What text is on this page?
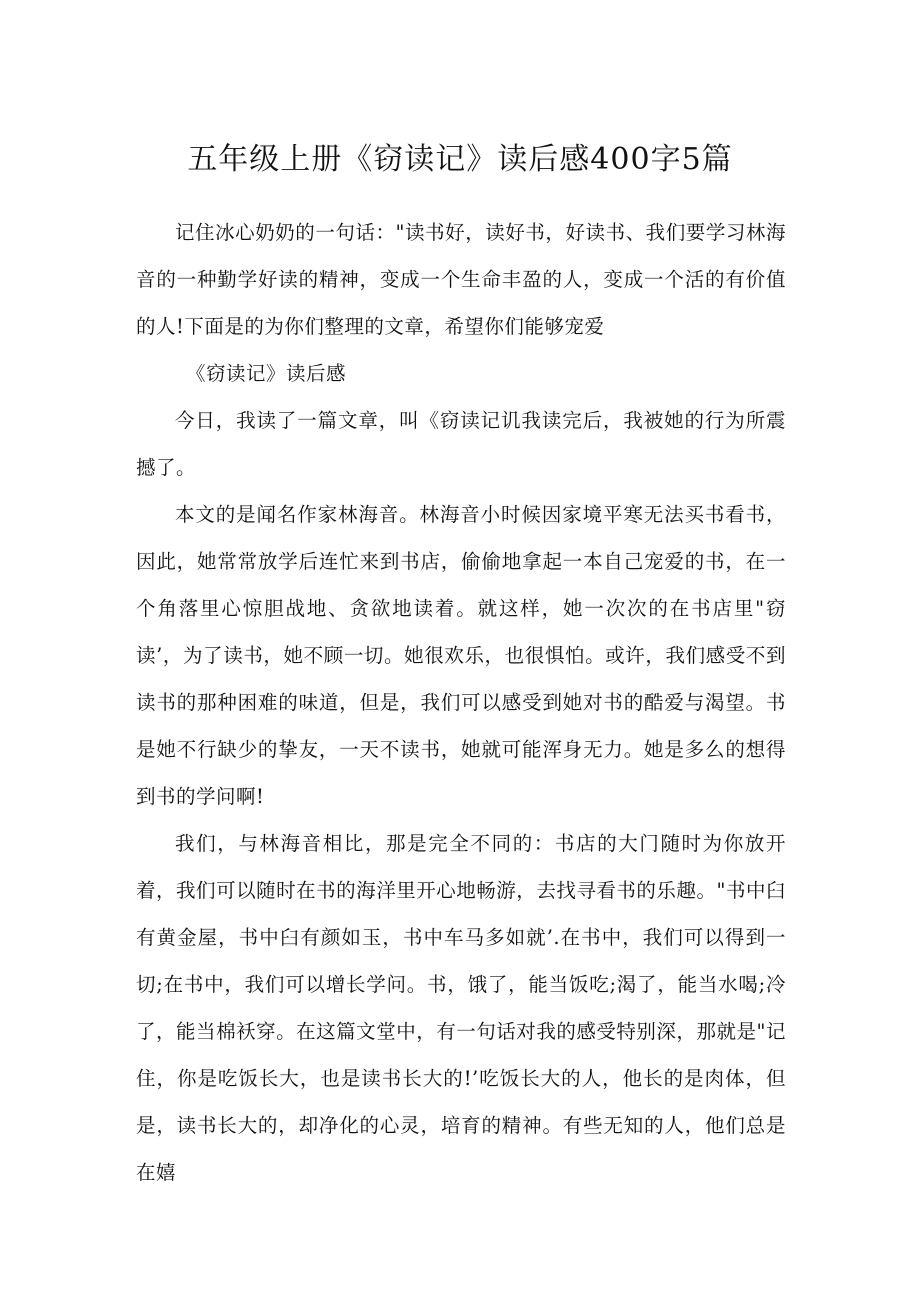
五年级上册《窃读记》读后感400字5篇

记住冰心奶奶的一句话："读书好，读好书，好读书、我们要学习林海音的一种勤学好读的精神，变成一个生命丰盈的人，变成一个活的有价值的人!下面是的为你们整理的文章，希望你们能够宠爱

《窃读记》读后感

今日，我读了一篇文章，叫《窃读记讥我读完后，我被她的行为所震撼了。

本文的是闻名作家林海音。林海音小时候因家境平寒无法买书看书，因此，她常常放学后连忙来到书店，偷偷地拿起一本自己宠爱的书，在一个角落里心惊胆战地、贪欲地读着。就这样，她一次次的在书店里"窃读’，为了读书，她不顾一切。她很欢乐，也很惧怕。或许，我们感受不到读书的那种困难的味道，但是，我们可以感受到她对书的酷爱与渴望。书是她不行缺少的挚友，一天不读书，她就可能浑身无力。她是多么的想得到书的学问啊!

我们，与林海音相比，那是完全不同的：书店的大门随时为你放开着，我们可以随时在书的海洋里开心地畅游，去找寻看书的乐趣。"书中臼有黄金屋，书中臼有颜如玉，书中车马多如就’.在书中，我们可以得到一切;在书中，我们可以增长学问。书，饿了，能当饭吃;渴了，能当水喝;冷了，能当棉袄穿。在这篇文堂中，有一句话对我的感受特别深，那就是"记住，你是吃饭长大，也是读书长大的!’吃饭长大的人，他长的是肉体，但是，读书长大的，却净化的心灵，培育的精神。有些无知的人，他们总是在嬉
